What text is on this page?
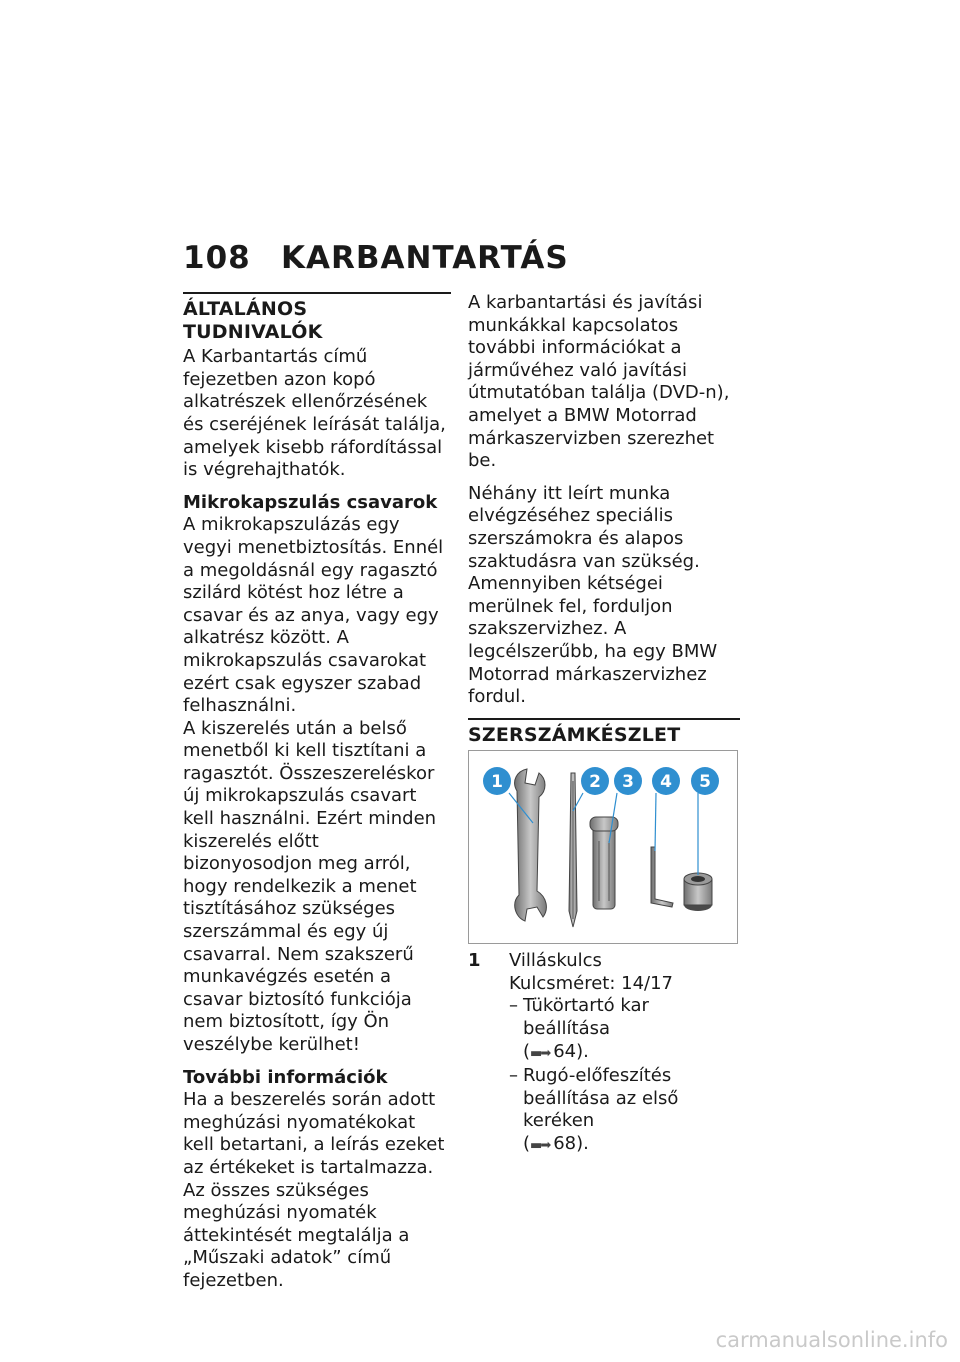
108 KARBANTARTÁS
ÁLTALÁNOS TUDNIVALÓK

A Karbantartás című fejezetben azon kopó alkatrészek ellenőrzésének és cseréjének leírását találja, amelyek kisebb ráfordítással is végrehajthatók.

Mikrokapszulás csavarok

A mikrokapszulázás egy vegyi menetbiztosítás. Ennél a megoldásnál egy ragasztó szilárd kötést hoz létre a csavar és az anya, vagy egy alkatrész között. A mikrokapszulás csavarokat ezért csak egyszer szabad felhasználni.

A kiszerelés után a belső menetből ki kell tisztítani a ragasztót. Összeszereléskor új mikrokapszulás csavart kell használni. Ezért minden kiszerelés előtt bizonyosodjon meg arról, hogy rendelkezik a menet tisztításához szükséges szerszámmal és egy új csavarral. Nem szakszerű munkavégzés esetén a csavar biztosító funkciója nem biztosított, így Ön veszélybe kerülhet!

További információk

Ha a beszerelés során adott meghúzási nyomatékokat kell betartani, a leírás ezeket az értékeket is tartalmazza. Az összes szükséges meghúzási nyomaték áttekintését megtalálja a „Műszaki adatok” című fejezetben.

A karbantartási és javítási munkákkal kapcsolatos további információkat a járművéhez való javítási útmutatóban találja (DVD-n), amelyet a BMW Motorrad márkaszervizben szerezhet be.

Néhány itt leírt munka elvégzéséhez speciális szerszámokra és alapos szaktudásra van szükség. Amennyiben kétségei merülnek fel, forduljon szakszervizhez. A legcélszerűbb, ha egy BMW Motorrad márkaszervizhez fordul.

SZERSZÁMKÉSZLET
1	2 3 4 5
1	Villáskulcs
Kulcsméret: 14/17
– Tükörtartó kar beállítása
(▬➡ 64).
– Rugó-előfeszítés beállítása az első keréken
(▬➡ 68).
carmanualsonline.info
